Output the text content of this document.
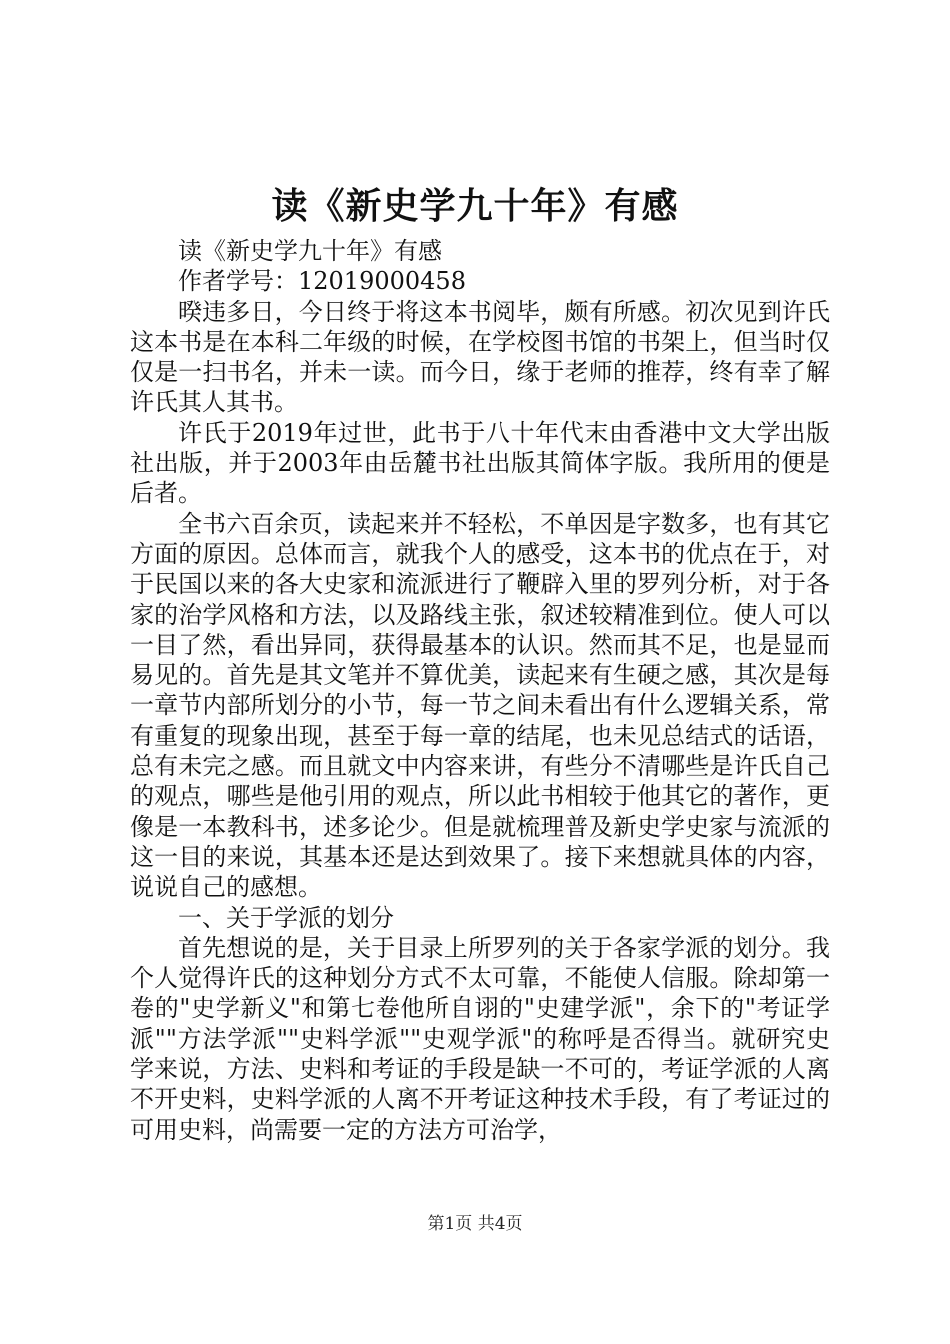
读《新史学九十年》有感

读《新史学九十年》有感

作者学号：12019000458

暌违多日，今日终于将这本书阅毕，颇有所感。初次见到许氏这本书是在本科二年级的时候，在学校图书馆的书架上，但当时仅仅是一扫书名，并未一读。而今日，缘于老师的推荐，终有幸了解许氏其人其书。

许氏于2019年过世，此书于八十年代末由香港中文大学出版社出版，并于2003年由岳麓书社出版其简体字版。我所用的便是后者。

全书六百余页，读起来并不轻松，不单因是字数多，也有其它方面的原因。总体而言，就我个人的感受，这本书的优点在于，对于民国以来的各大史家和流派进行了鞭辟入里的罗列分析，对于各家的治学风格和方法，以及路线主张，叙述较精准到位。使人可以一目了然，看出异同，获得最基本的认识。然而其不足，也是显而易见的。首先是其文笔并不算优美，读起来有生硬之感，其次是每一章节内部所划分的小节，每一节之间未看出有什么逻辑关系，常有重复的现象出现，甚至于每一章的结尾，也未见总结式的话语，总有未完之感。而且就文中内容来讲，有些分不清哪些是许氏自己的观点，哪些是他引用的观点，所以此书相较于他其它的著作，更像是一本教科书，述多论少。但是就梳理普及新史学史家与流派的这一目的来说，其基本还是达到效果了。接下来想就具体的内容，说说自己的感想。

一、关于学派的划分

首先想说的是，关于目录上所罗列的关于各家学派的划分。我个人觉得许氏的这种划分方式不太可靠，不能使人信服。除却第一卷的"史学新义"和第七卷他所自诩的"史建学派"，余下的"考证学派""方法学派""史料学派""史观学派"的称呼是否得当。就研究史学来说，方法、史料和考证的手段是缺一不可的，考证学派的人离不开史料，史料学派的人离不开考证这种技术手段，有了考证过的可用史料，尚需要一定的方法方可治学，

第1页 共4页
